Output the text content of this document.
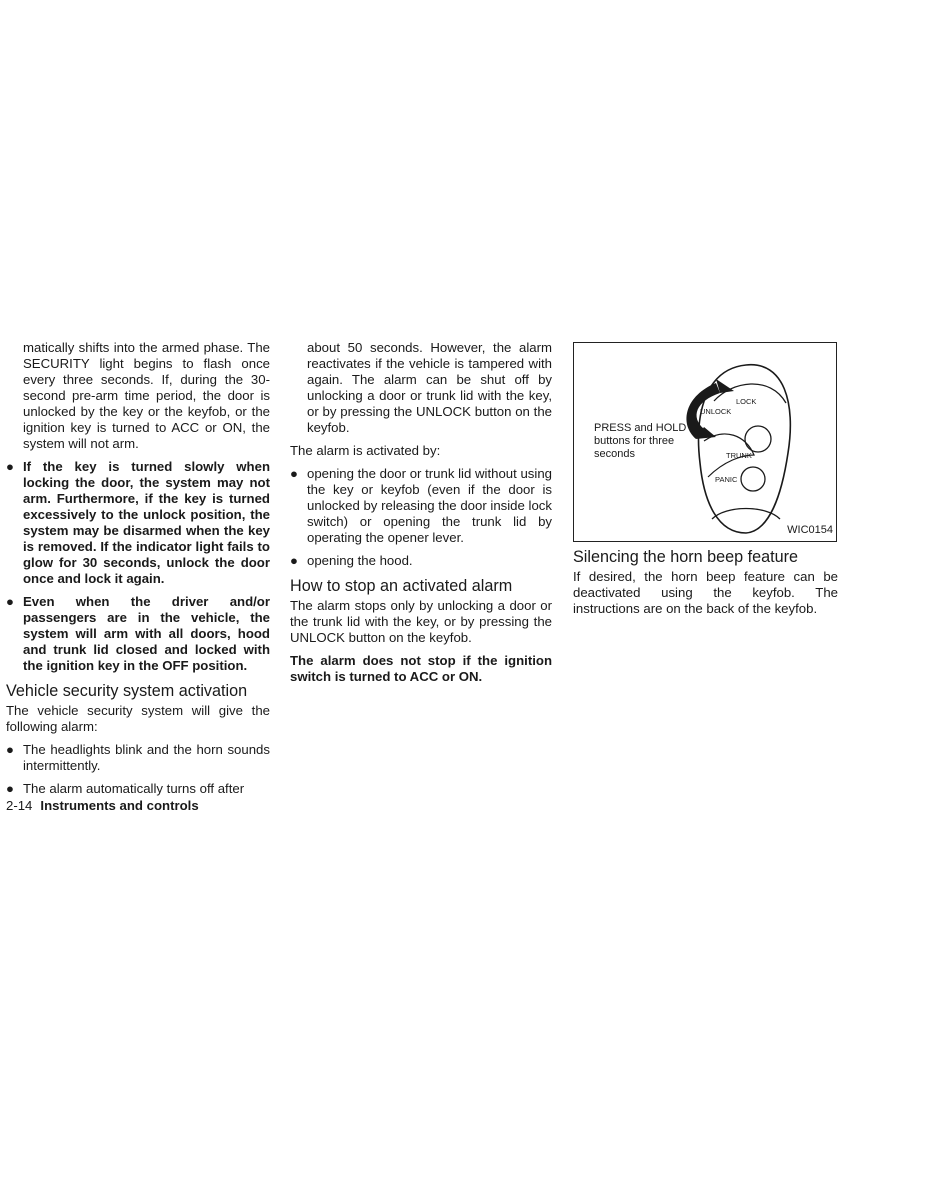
matically shifts into the armed phase. The SECURITY light begins to flash once every three seconds. If, during the 30-second pre-arm time period, the door is unlocked by the key or the keyfob, or the ignition key is turned to ACC or ON, the system will not arm.

● If the key is turned slowly when locking the door, the system may not arm. Furthermore, if the key is turned excessively to the unlock position, the system may be disarmed when the key is removed. If the indicator light fails to glow for 30 seconds, unlock the door once and lock it again.
● Even when the driver and/or passengers are in the vehicle, the system will arm with all doors, hood and trunk lid closed and locked with the ignition key in the OFF position.
Vehicle security system activation

The vehicle security system will give the following alarm:

● The headlights blink and the horn sounds intermittently.
● The alarm automatically turns off after

about 50 seconds. However, the alarm reactivates if the vehicle is tampered with again. The alarm can be shut off by unlocking a door or trunk lid with the key, or by pressing the UNLOCK button on the keyfob.

The alarm is activated by:

● opening the door or trunk lid without using the key or keyfob (even if the door is unlocked by releasing the door inside lock switch) or opening the trunk lid by operating the opener lever.
● opening the hood.
How to stop an activated alarm

The alarm stops only by unlocking a door or the trunk lid with the key, or by pressing the UNLOCK button on the keyfob.

The alarm does not stop if the ignition switch is turned to ACC or ON.

PRESS and HOLD buttons for three seconds
LOCK
UNLOCK
TRUNK
PANIC
WIC0154
Silencing the horn beep feature

If desired, the horn beep feature can be deactivated using the keyfob. The instructions are on the back of the keyfob.

2-14 Instruments and controls
